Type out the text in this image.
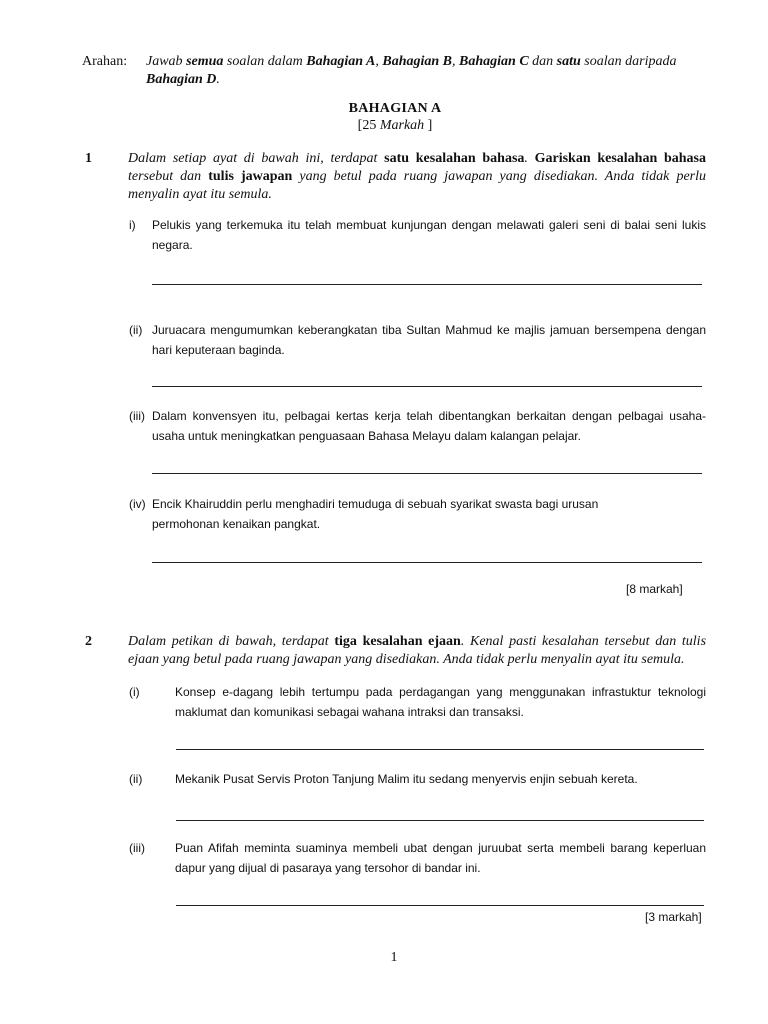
Arahan: Jawab semua soalan dalam Bahagian A, Bahagian B, Bahagian C dan satu soalan daripada
Bahagian D.
BAHAGIAN A
[25 Markah ]
1	Dalam setiap ayat di bawah ini, terdapat satu kesalahan bahasa. Gariskan kesalahan bahasa tersebut dan tulis jawapan yang betul pada ruang jawapan yang disediakan. Anda tidak perlu menyalin ayat itu semula.
i) Pelukis yang terkemuka itu telah membuat kunjungan dengan melawati galeri seni di balai seni lukis negara.
(ii) Juruacara mengumumkan keberangkatan tiba Sultan Mahmud ke majlis jamuan bersempena dengan hari keputeraan baginda.
(iii) Dalam konvensyen itu, pelbagai kertas kerja telah dibentangkan berkaitan dengan pelbagai usaha-usaha untuk meningkatkan penguasaan Bahasa Melayu dalam kalangan pelajar.
(iv) Encik Khairuddin perlu menghadiri temuduga di sebuah syarikat swasta bagi urusan permohonan kenaikan pangkat.
[8 markah]
2	Dalam petikan di bawah, terdapat tiga kesalahan ejaan. Kenal pasti kesalahan tersebut dan tulis ejaan yang betul pada ruang jawapan yang disediakan. Anda tidak perlu menyalin ayat itu semula.
(i)	Konsep e-dagang lebih tertumpu pada perdagangan yang menggunakan infrastuktur teknologi maklumat dan komunikasi sebagai wahana intraksi dan transaksi.
(ii)	Mekanik Pusat Servis Proton Tanjung Malim itu sedang menyervis enjin sebuah kereta.
(iii)	Puan Afifah meminta suaminya membeli ubat dengan juruubat serta membeli barang keperluan dapur yang dijual di pasaraya yang tersohor di bandar ini.
[3 markah]
1
